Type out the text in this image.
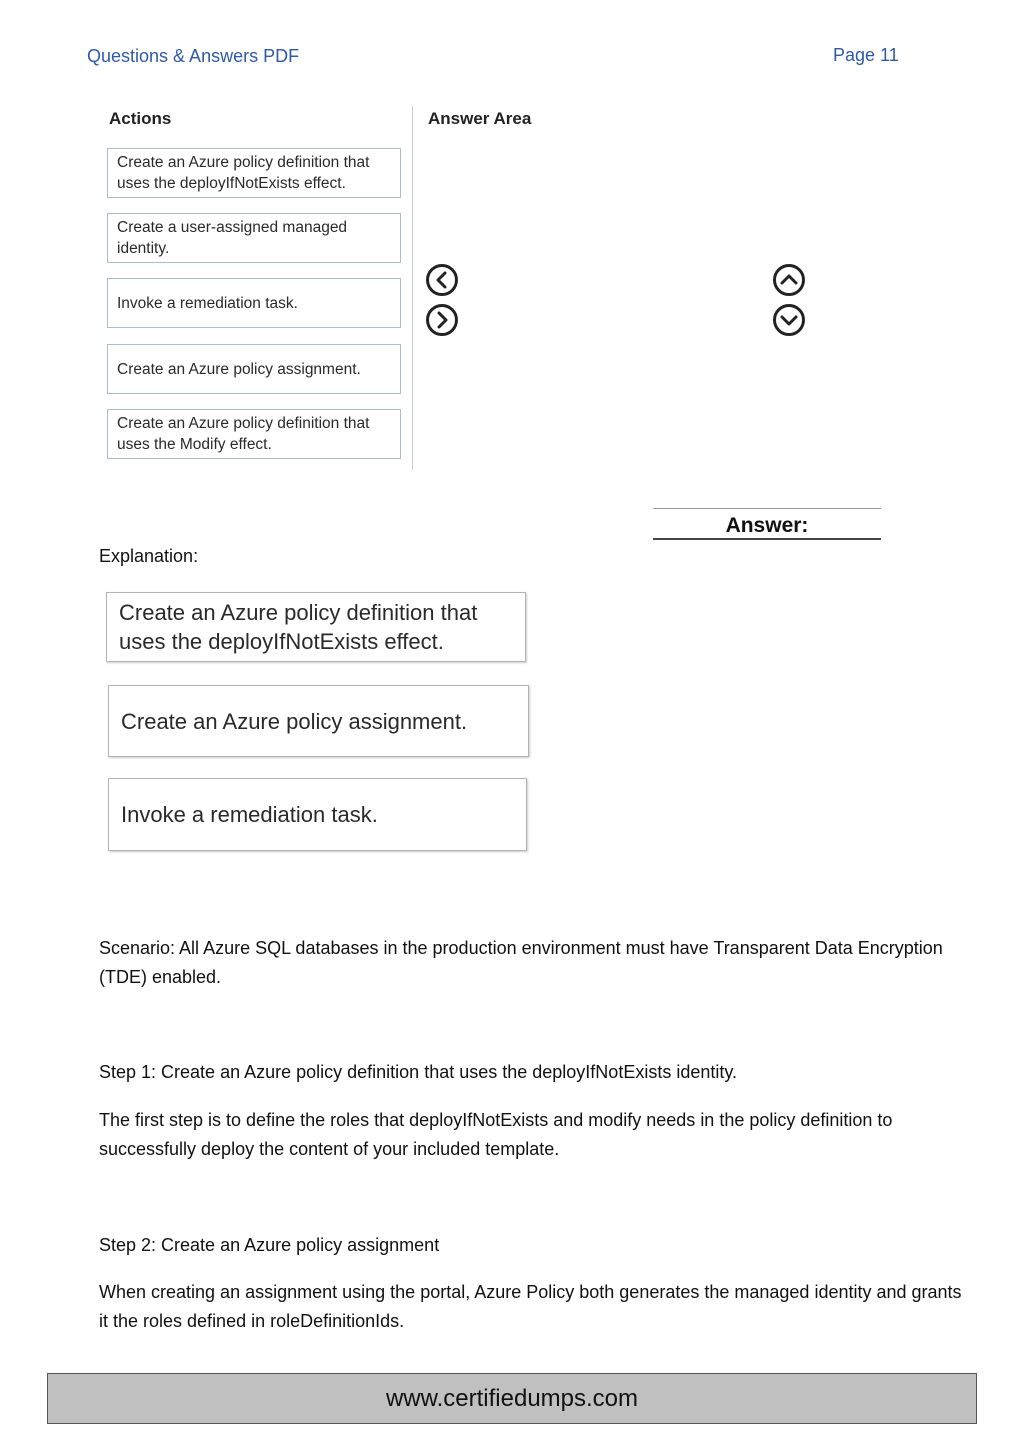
Questions & Answers PDF	Page 11
Actions	Answer Area
Create an Azure policy definition that uses the deployIfNotExists effect.
Create a user-assigned managed identity.
Invoke a remediation task.
Create an Azure policy assignment.
Create an Azure policy definition that uses the Modify effect.
Answer:
Explanation:
Create an Azure policy definition that uses the deployIfNotExists effect.
Create an Azure policy assignment.
Invoke a remediation task.
Scenario: All Azure SQL databases in the production environment must have Transparent Data Encryption (TDE) enabled.
Step 1: Create an Azure policy definition that uses the deployIfNotExists identity.
The first step is to define the roles that deployIfNotExists and modify needs in the policy definition to successfully deploy the content of your included template.
Step 2: Create an Azure policy assignment
When creating an assignment using the portal, Azure Policy both generates the managed identity and grants it the roles defined in roleDefinitionIds.
www.certifiedumps.com
